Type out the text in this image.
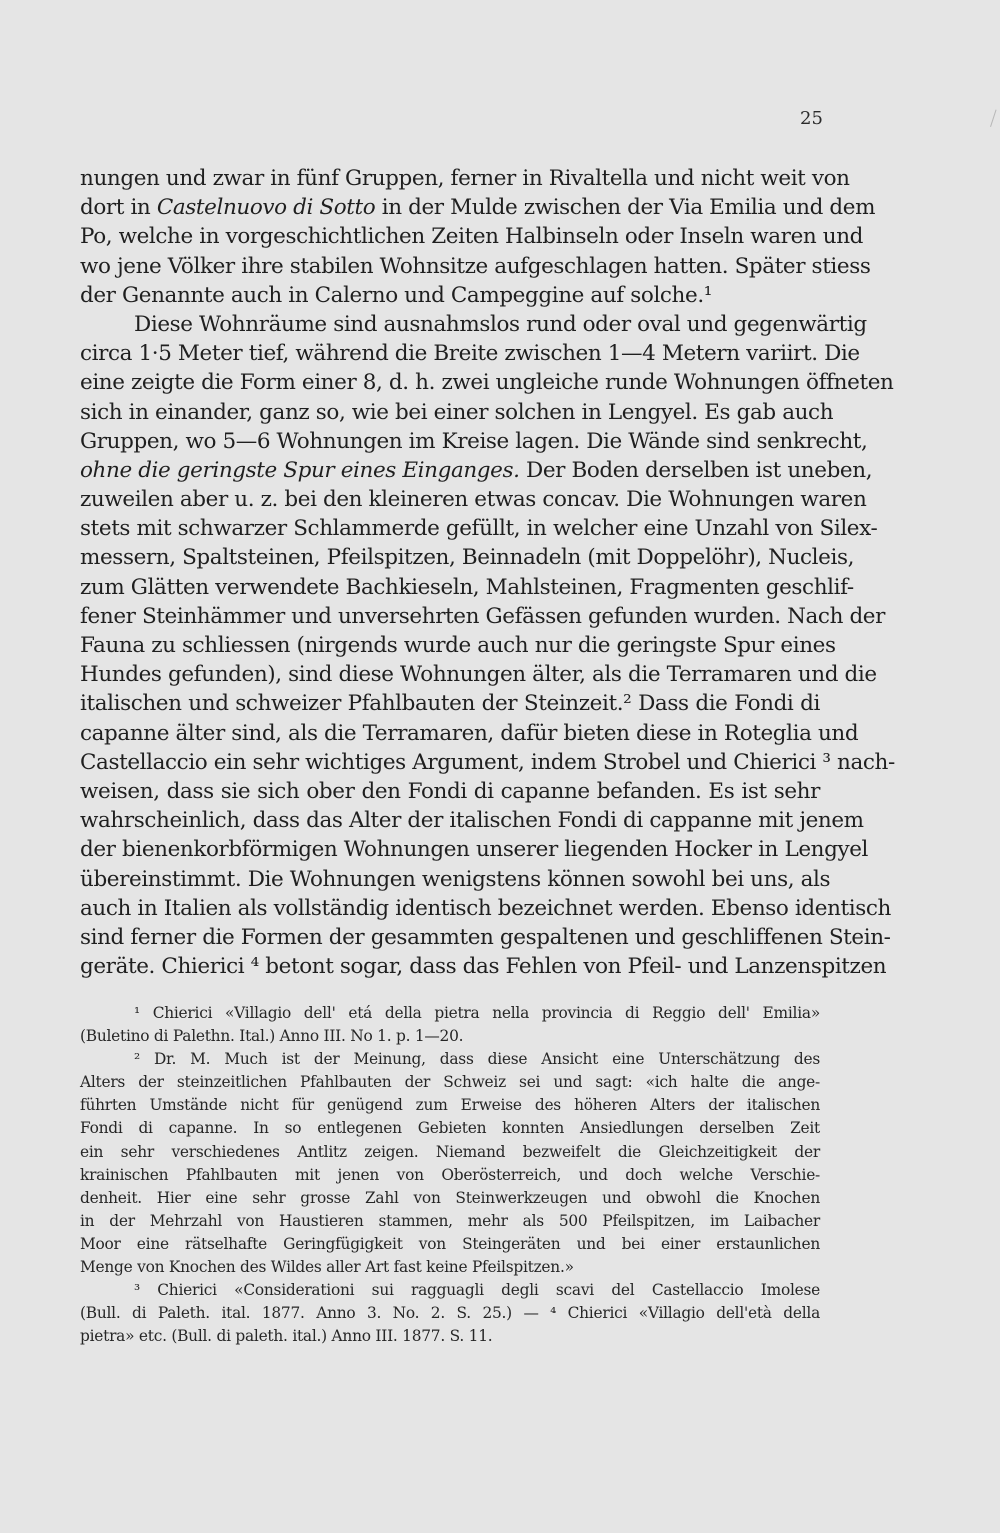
25
nungen und zwar in fünf Gruppen, ferner in Rivaltella und nicht weit von
dort in Castelnuovo di Sotto in der Mulde zwischen der Via Emilia und dem
Po, welche in vorgeschichtlichen Zeiten Halbinseln oder Inseln waren und
wo jene Völker ihre stabilen Wohnsitze aufgeschlagen hatten. Später stiess
der Genannte auch in Calerno und Campeggine auf solche.¹
Diese Wohnräume sind ausnahmslos rund oder oval und gegenwärtig
circa 1·5 Meter tief, während die Breite zwischen 1—4 Metern variirt. Die
eine zeigte die Form einer 8, d. h. zwei ungleiche runde Wohnungen öffneten
sich in einander, ganz so, wie bei einer solchen in Lengyel. Es gab auch
Gruppen, wo 5—6 Wohnungen im Kreise lagen. Die Wände sind senkrecht,
ohne die geringste Spur eines Einganges. Der Boden derselben ist uneben,
zuweilen aber u. z. bei den kleineren etwas concav. Die Wohnungen waren
stets mit schwarzer Schlammerde gefüllt, in welcher eine Unzahl von Silex-
messern, Spaltsteinen, Pfeilspitzen, Beinnadeln (mit Doppelöhr), Nucleis,
zum Glätten verwendete Bachkieseln, Mahlsteinen, Fragmenten geschlif-
fener Steinhämmer und unversehrten Gefässen gefunden wurden. Nach der
Fauna zu schliessen (nirgends wurde auch nur die geringste Spur eines
Hundes gefunden), sind diese Wohnungen älter, als die Terramaren und die
italischen und schweizer Pfahlbauten der Steinzeit.² Dass die Fondi di
capanne älter sind, als die Terramaren, dafür bieten diese in Roteglia und
Castellaccio ein sehr wichtiges Argument, indem Strobel und Chierici ³ nach-
weisen, dass sie sich ober den Fondi di capanne befanden. Es ist sehr
wahrscheinlich, dass das Alter der italischen Fondi di cappanne mit jenem
der bienenkorbförmigen Wohnungen unserer liegenden Hocker in Lengyel
übereinstimmt. Die Wohnungen wenigstens können sowohl bei uns, als
auch in Italien als vollständig identisch bezeichnet werden. Ebenso identisch
sind ferner die Formen der gesammten gespaltenen und geschliffenen Stein-
geräte. Chierici ⁴ betont sogar, dass das Fehlen von Pfeil- und Lanzenspitzen
¹ Chierici «Villagio dell' etá della pietra nella provincia di Reggio dell' Emilia»
(Buletino di Palethn. Ital.) Anno III. No 1. p. 1—20.
² Dr. M. Much ist der Meinung, dass diese Ansicht eine Unterschätzung des
Alters der steinzeitlichen Pfahlbauten der Schweiz sei und sagt: «ich halte die ange-
führten Umstände nicht für genügend zum Erweise des höheren Alters der italischen
Fondi di capanne. In so entlegenen Gebieten konnten Ansiedlungen derselben Zeit
ein sehr verschiedenes Antlitz zeigen. Niemand bezweifelt die Gleichzeitigkeit der
krainischen Pfahlbauten mit jenen von Oberösterreich, und doch welche Verschie-
denheit. Hier eine sehr grosse Zahl von Steinwerkzeugen und obwohl die Knochen
in der Mehrzahl von Haustieren stammen, mehr als 500 Pfeilspitzen, im Laibacher
Moor eine rätselhafte Geringfügigkeit von Steingeräten und bei einer erstaunlichen
Menge von Knochen des Wildes aller Art fast keine Pfeilspitzen.»
³ Chierici «Considerationi sui ragguagli degli scavi del Castellaccio Imolese
(Bull. di Paleth. ital. 1877. Anno 3. No. 2. S. 25.) — ⁴ Chierici «Villagio dell'età della
pietra» etc. (Bull. di paleth. ital.) Anno III. 1877. S. 11.
